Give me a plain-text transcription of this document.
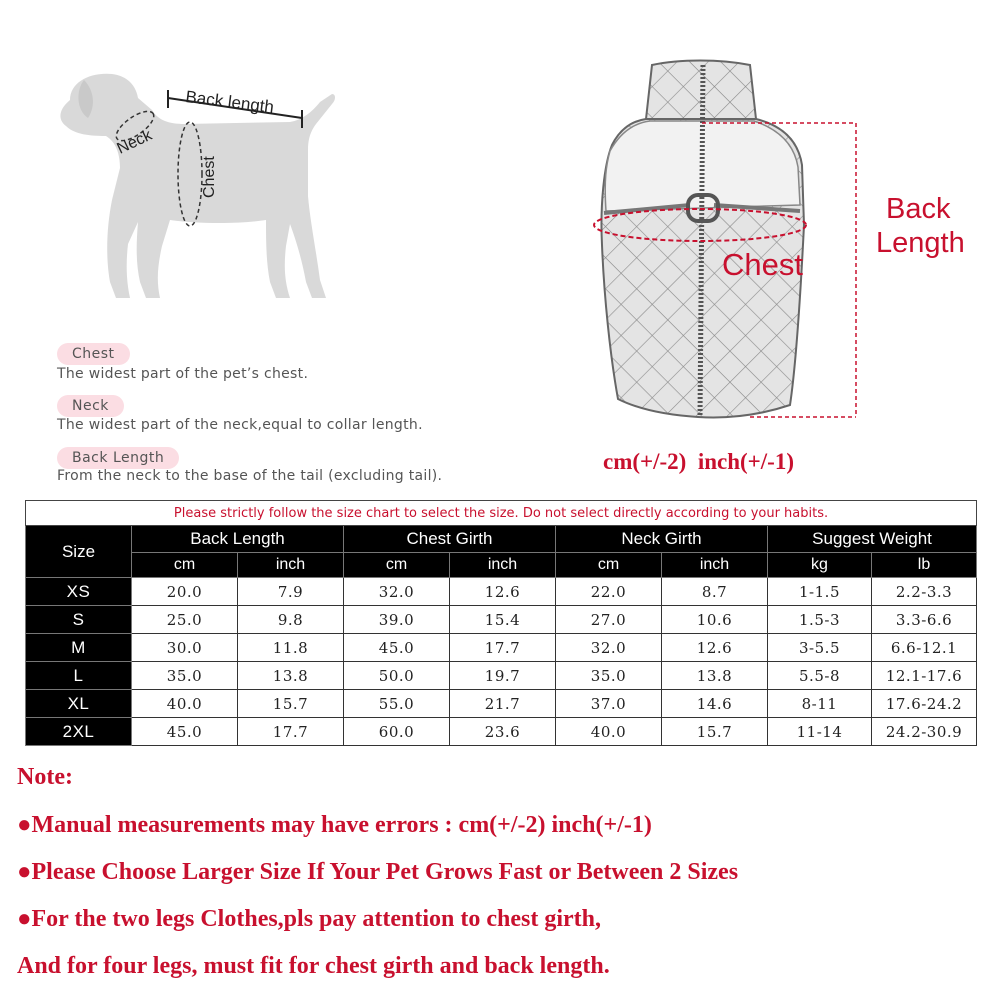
Back length
Neck
Chest
Chest
The widest part of the pet’s chest.
Neck
The widest part of the neck,equal to collar length.
Back Length
From the neck to the base of the tail (excluding tail).
Chest
Back
Length
cm(+/-2)  inch(+/-1)
Please strictly follow the size chart to select the size. Do not select directly according to your habits.								
Size	Back Length		Chest Girth		Neck Girth		Suggest Weight	
	cm	inch	cm	inch	cm	inch	kg	lb
XS	20.0	7.9	32.0	12.6	22.0	8.7	1-1.5	2.2-3.3
S	25.0	9.8	39.0	15.4	27.0	10.6	1.5-3	3.3-6.6
M	30.0	11.8	45.0	17.7	32.0	12.6	3-5.5	6.6-12.1
L	35.0	13.8	50.0	19.7	35.0	13.8	5.5-8	12.1-17.6
XL	40.0	15.7	55.0	21.7	37.0	14.6	8-11	17.6-24.2
2XL	45.0	17.7	60.0	23.6	40.0	15.7	11-14	24.2-30.9
Note:
●Manual measurements may have errors : cm(+/-2) inch(+/-1)
●Please Choose Larger Size If Your Pet Grows Fast or Between 2 Sizes
●For the two legs Clothes,pls pay attention to chest girth,
And for four legs, must fit for chest girth and back length.
